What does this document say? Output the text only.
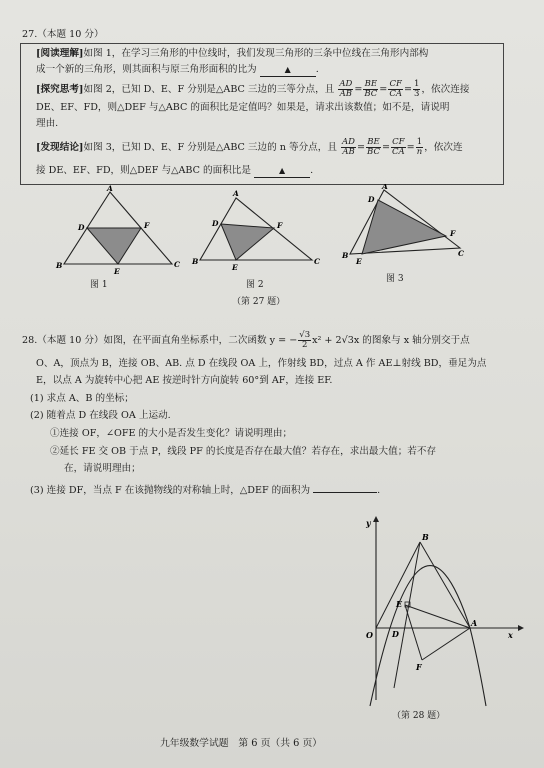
27.（本题 10 分）
[阅读理解]如图 1，在学习三角形的中位线时，我们发现三角形的三条中位线在三角形内部构
成一个新的三角形，则其面积与原三角形面积的比为	▲	.
[探究思考]如图 2，已知 D、E、F 分别是△ABC 三边的三等分点，且 $\frac{AD}{AB} = \frac{BE}{BC} = \frac{CF}{CA} = \frac{1}{3}$ ，依次连接
DE、EF、FD，则△DEF 与△ABC 的面积比是定值吗？如果是，请求出该数值；如不是，请说明
理由.
[发现结论]如图 3，已知 D、E、F 分别是△ABC 三边的 n 等分点，且 $\frac{AD}{AB} = \frac{BE}{BC} = \frac{CF}{CA} = \frac{1}{n}$ ，依次连
接 DE、EF、FD，则△DEF 与△ABC 的面积比是	▲	.
A
D	F
B	C
E
A
D	F
B	C
E
A
D
F
B	C
E
图 1	图 2
图 3
（第 27 题）
28.（本题 10 分）如图，在平面直角坐标系中，二次函数 y = − $\frac{√3}{2} x^2 + 2√3x$ 的图象与 x 轴分别交于点
O、A，顶点为 B，连接 OB、AB. 点 D 在线段 OA 上，作射线 BD，过点 A 作 AE⊥射线 BD，垂足为点
E，以点 A 为旋转中心把 AE 按逆时针方向旋转 60°到 AF，连接 EF.
(1) 求点 A、B 的坐标；
(2) 随着点 D 在线段 OA 上运动.
①连接 OF，∠OFE 的大小是否发生变化？请说明理由；
②延长 FE 交 OB 于点 P，线段 PF 的长度是否存在最大值？若存在，求出最大值；若不存
在，请说明理由；
(3) 连接 DF，当点 F 在该抛物线的对称轴上时，△DEF 的面积为	.
x
y
O
B
E
D
A
F
（第 28 题）
九年级数学试题　第 6 页（共 6 页）
